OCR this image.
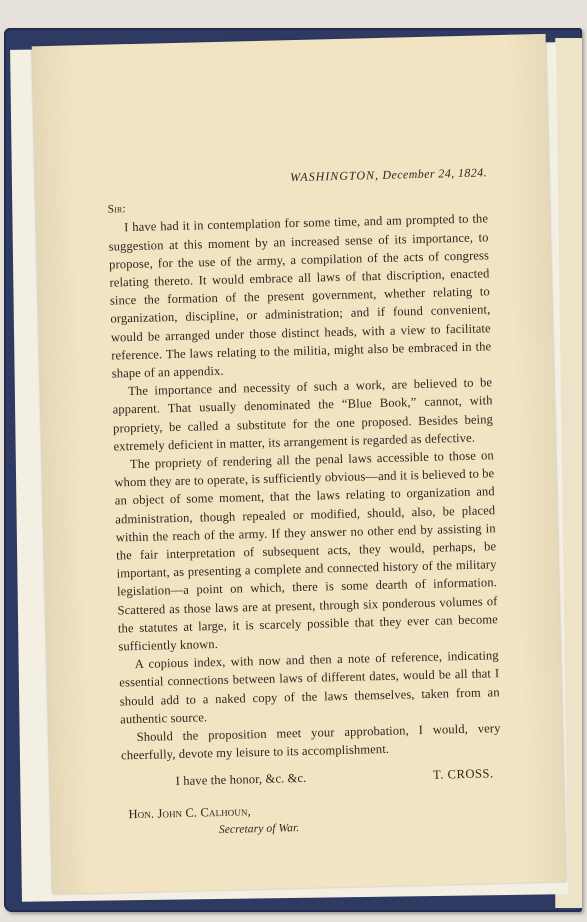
WASHINGTON, December 24, 1824.
Sir:

I have had it in contemplation for some time, and am prompted to the suggestion at this moment by an increased sense of its importance, to propose, for the use of the army, a compilation of the acts of congress relating thereto. It would embrace all laws of that discription, enacted since the formation of the present government, whether relating to organization, discipline, or administration; and if found convenient, would be arranged under those distinct heads, with a view to facilitate reference. The laws relating to the militia, might also be embraced in the shape of an appendix.

The importance and necessity of such a work, are believed to be apparent. That usually denominated the “Blue Book,” cannot, with propriety, be called a substitute for the one proposed. Besides being extremely deficient in matter, its arrangement is regarded as defective.

The propriety of rendering all the penal laws accessible to those on whom they are to operate, is sufficiently obvious—and it is believed to be an object of some moment, that the laws relating to organization and administration, though repealed or modified, should, also, be placed within the reach of the army. If they answer no other end by assisting in the fair interpretation of subsequent acts, they would, perhaps, be important, as presenting a complete and connected history of the military legislation—a point on which, there is some dearth of information. Scattered as those laws are at present, through six ponderous volumes of the statutes at large, it is scarcely possible that they ever can become sufficiently known.

A copious index, with now and then a note of reference, indicating essential connections between laws of different dates, would be all that I should add to a naked copy of the laws themselves, taken from an authentic source.

Should the proposition meet your approbation, I would, very cheerfully, devote my leisure to its accomplishment.

I have the honor, &c. &c.	T. CROSS.
Hon. John C. Calhoun,
Secretary of War.
